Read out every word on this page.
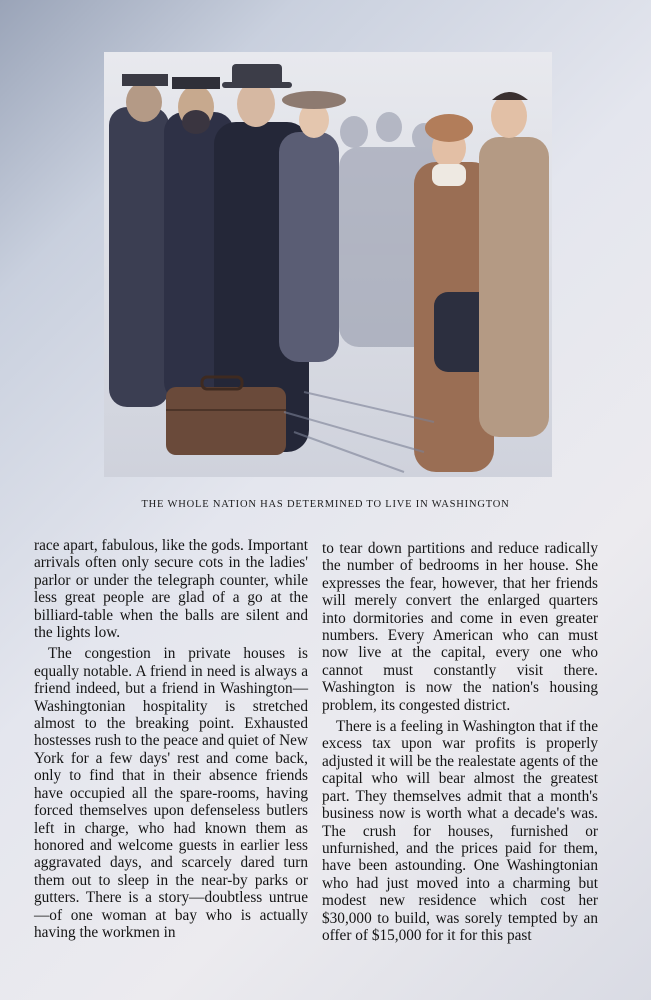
THE WHOLE NATION HAS DETERMINED TO LIVE IN WASHINGTON

race apart, fabulous, like the gods. Important arrivals often only secure cots in the ladies' parlor or under the telegraph counter, while less great people are glad of a go at the billiard-table when the balls are silent and the lights low.

The congestion in private houses is equally notable. A friend in need is always a friend indeed, but a friend in Washington—Washingtonian hospitality is stretched almost to the breaking point. Exhausted hostesses rush to the peace and quiet of New York for a few days' rest and come back, only to find that in their absence friends have occupied all the spare-rooms, having forced themselves upon defenseless butlers left in charge, who had known them as honored and welcome guests in earlier less aggravated days, and scarcely dared turn them out to sleep in the near-by parks or gutters. There is a story—doubtless untrue—of one woman at bay who is actually having the workmen in

to tear down partitions and reduce radically the number of bedrooms in her house. She expresses the fear, however, that her friends will merely convert the enlarged quarters into dormitories and come in even greater numbers. Every American who can must now live at the capital, every one who cannot must constantly visit there. Washington is now the nation's housing problem, its congested district.

There is a feeling in Washington that if the excess tax upon war profits is properly adjusted it will be the realestate agents of the capital who will bear almost the greatest part. They themselves admit that a month's business now is worth what a decade's was. The crush for houses, furnished or unfurnished, and the prices paid for them, have been astounding. One Washingtonian who had just moved into a charming but modest new residence which cost her $30,000 to build, was sorely tempted by an offer of $15,000 for it for this past
